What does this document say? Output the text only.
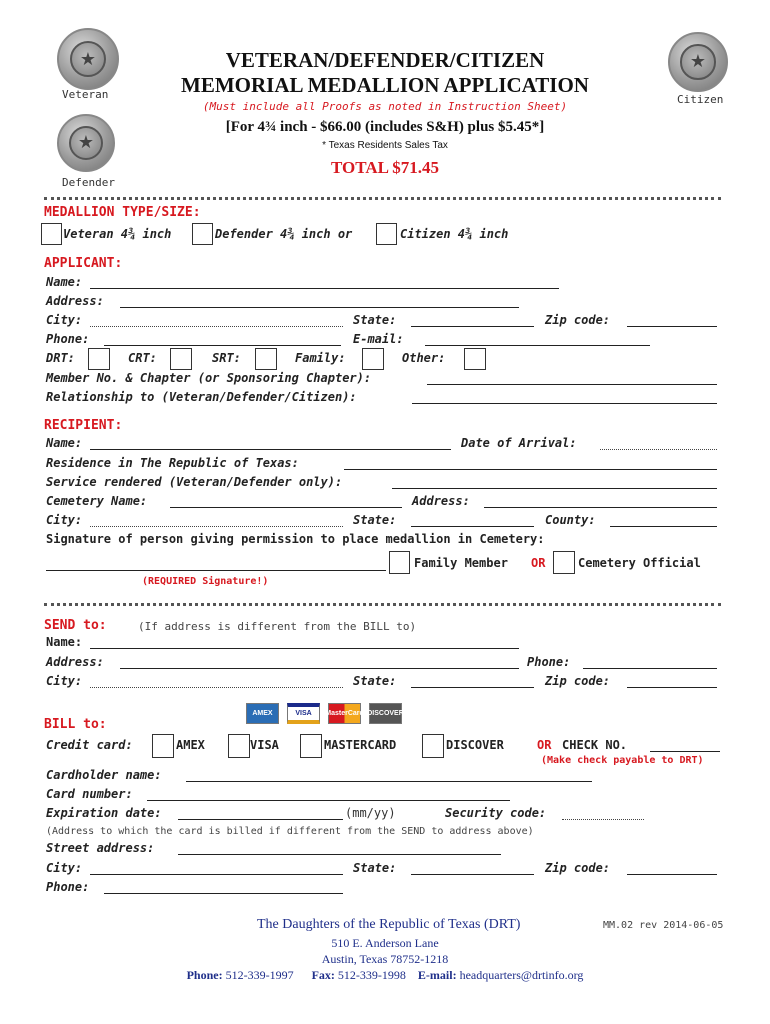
★
Veteran
★
Citizen
★
Defender
VETERAN/DEFENDER/CITIZEN
MEMORIAL MEDALLION APPLICATION
(Must include all Proofs as noted in Instruction Sheet)
[For 4¾ inch - $66.00 (includes S&H) plus $5.45*]
* Texas Residents Sales Tax
TOTAL $71.45
MEDALLION TYPE/SIZE:
Veteran 4¾ inch	Defender 4¾ inch or	Citizen 4¾ inch
APPLICANT:
Name:
Address:
City:	State:	Zip code:
Phone:	E-mail:
DRT:	CRT:	SRT:	Family:	Other:
Member No. & Chapter (or Sponsoring Chapter):
Relationship to (Veteran/Defender/Citizen):
RECIPIENT:
Name:	Date of Arrival:
Residence in The Republic of Texas:
Service rendered (Veteran/Defender only):
Cemetery Name:	Address:
City:	State:	County:
Signature of person giving permission to place medallion in Cemetery:
Family Member OR	Cemetery Official
(REQUIRED Signature!)
SEND to:	(If address is different from the BILL to)
Name:
Address:	Phone:
City:	State:	Zip code:
BILL to:
AMEX	VISA	MasterCard DISCOVER
Credit card:	AMEX	VISA	MASTERCARD	DISCOVER	OR CHECK NO.
(Make check payable to DRT)
Cardholder name:
Card number:
Expiration date:	(mm/yy)	Security code:
(Address to which the card is billed if different from the SEND to address above)
Street address:
City:	State:	Zip code:
Phone:
The Daughters of the Republic of Texas (DRT)	MM.02 rev 2014-06-05
510 E. Anderson Lane
Austin, Texas 78752-1218
Phone: 512-339-1997 Fax: 512-339-1998 E-mail: headquarters@drtinfo.org
